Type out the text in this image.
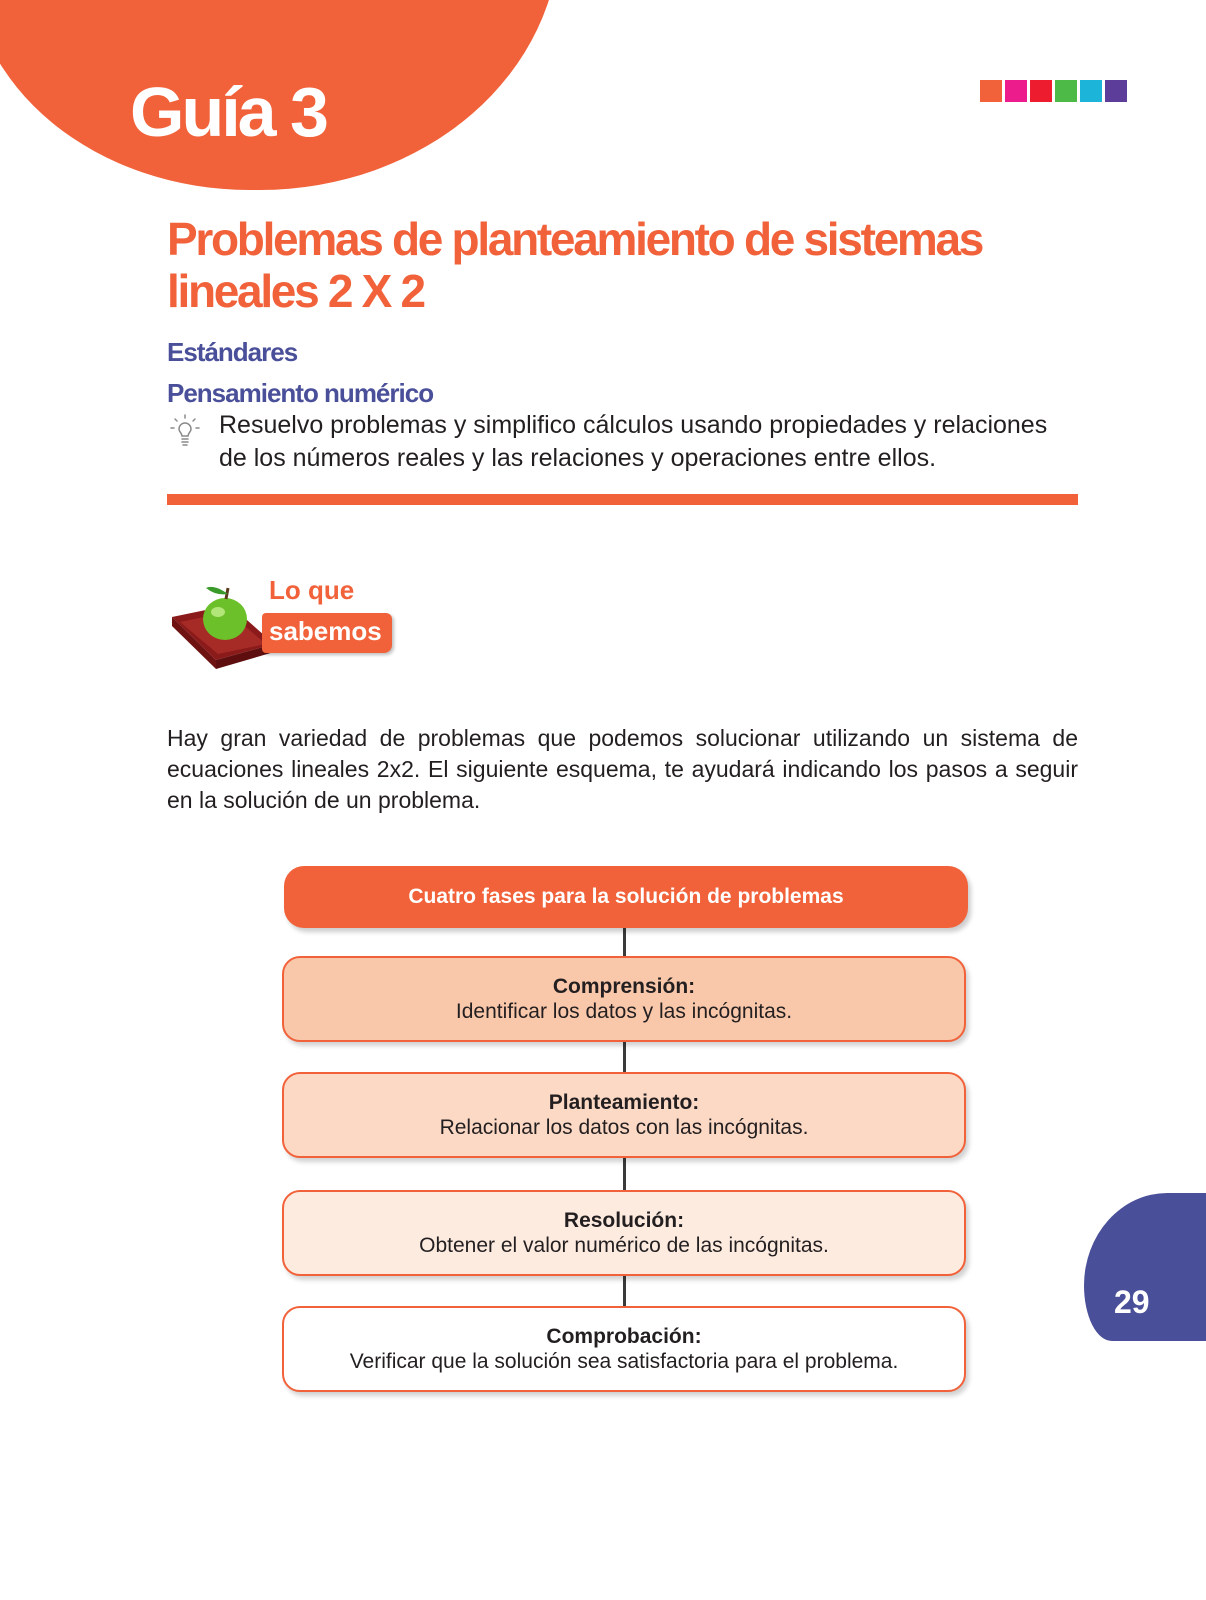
Guía 3
Problemas de planteamiento de sistemas lineales 2 X 2
Estándares
Pensamiento numérico

Resuelvo problemas y simplifico cálculos usando propiedades y relaciones de los números reales y las relaciones y operaciones entre ellos.

Lo que

sabemos

Hay gran variedad de problemas que podemos solucionar utilizando un sistema de ecuaciones lineales 2x2. El siguiente esquema, te ayudará indicando los pasos a seguir en la solución de un problema.

Cuatro fases para la solución de problemas
Comprensión:
Identificar los datos y las incógnitas.
Planteamiento:
Relacionar los datos con las incógnitas.
Resolución:
Obtener el valor numérico de las incógnitas.
Comprobación:
Verificar que la solución sea satisfactoria para el problema.

29
